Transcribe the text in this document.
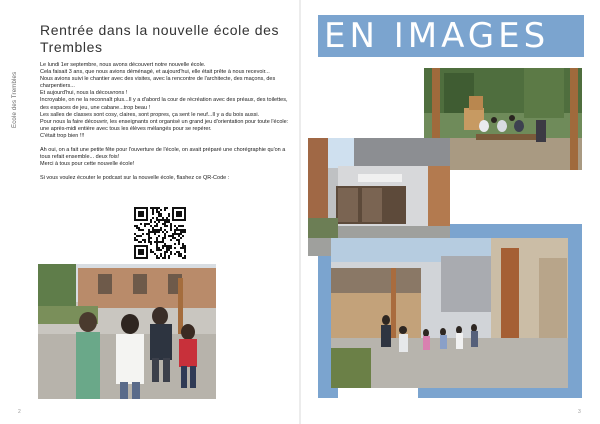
École des Trembles
Rentrée dans la nouvelle école des Trembles

Le lundi 1er septembre, nous avons découvert notre nouvelle école.
Cela faisait 3 ans, que nous avions déménagé, et aujourd'hui, elle était prête à nous recevoir...
Nous avions suivi le chantier avec des visites, avec la rencontre de l'architecte, des maçons, des charpentiers...
Et aujourd'hui, nous la découvrons !
Incroyable, on ne la reconnaît plus...Il y a d'abord la cour de récréation avec des préaux, des toilettes, des espaces de jeu, une cabane...trop beau !
Les salles de classes sont cosy, claires, sont propres, ça sent le neuf...Il y a du bois aussi.
Pour nous la faire découvrir, les enseignants ont organisé un grand jeu d'orientation pour toute l'école: une après-midi entière avec tous les élèves mélangés pour se repérer.
C'était trop bien !!!

Ah oui, on a fait une petite fête pour l'ouverture de l'école, on avait préparé une chorégraphie qu'on a tous refait ensemble... deux fois!
Merci à tous pour cette nouvelle école!

Si vous voulez écouter le podcast sur la nouvelle école, flashez ce QR-Code :

2
EN IMAGES
3
